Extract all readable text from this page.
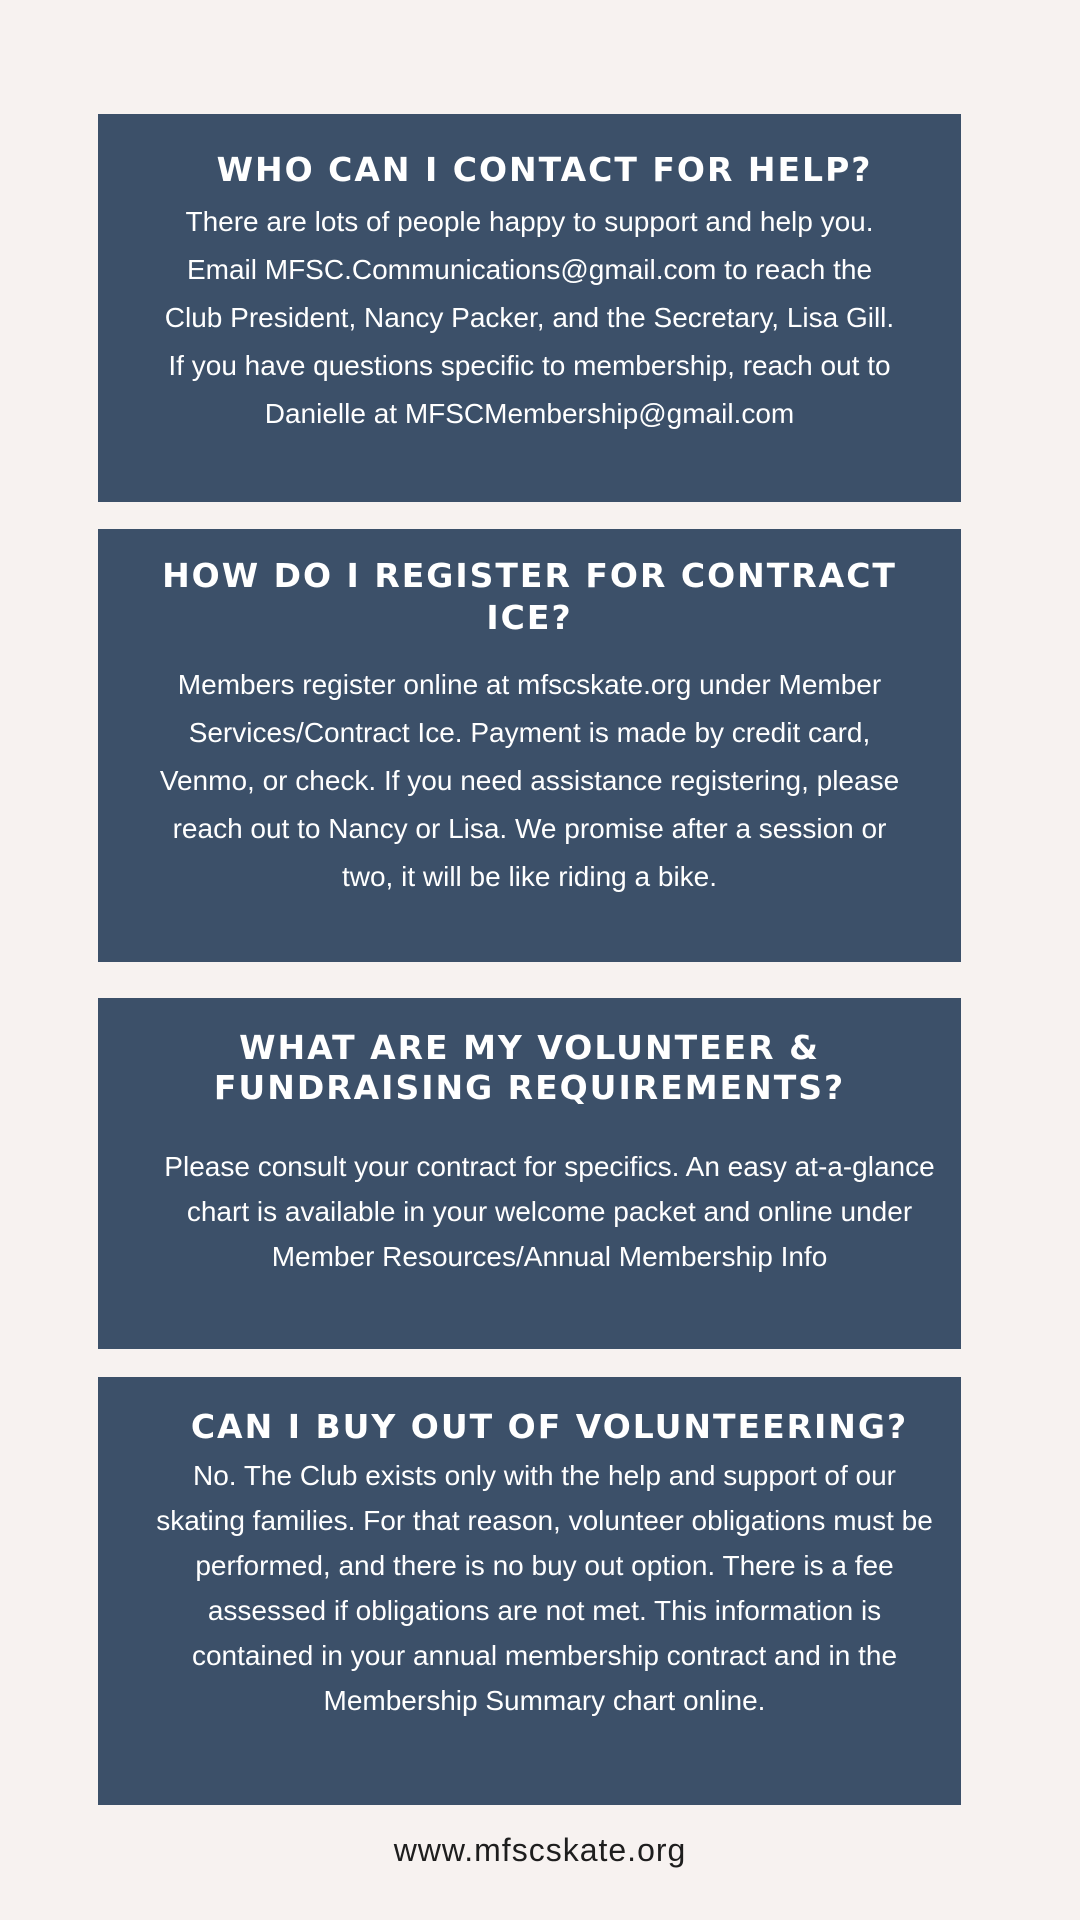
WHO CAN I CONTACT FOR HELP?

There are lots of people happy to support and help you. Email MFSC.Communications@gmail.com to reach the Club President, Nancy Packer, and the Secretary, Lisa Gill. If you have questions specific to membership, reach out to Danielle at MFSCMembership@gmail.com

HOW DO I REGISTER FOR CONTRACT ICE?

Members register online at mfscskate.org under Member Services/Contract Ice. Payment is made by credit card, Venmo, or check. If you need assistance registering, please reach out to Nancy or Lisa. We promise after a session or two, it will be like riding a bike.

WHAT ARE MY VOLUNTEER & FUNDRAISING REQUIREMENTS?

Please consult your contract for specifics. An easy at-a-glance chart is available in your welcome packet and online under Member Resources/Annual Membership Info

CAN I BUY OUT OF VOLUNTEERING?

No. The Club exists only with the help and support of our skating families. For that reason, volunteer obligations must be performed, and there is no buy out option. There is a fee assessed if obligations are not met. This information is contained in your annual membership contract and in the Membership Summary chart online.

www.mfscskate.org
